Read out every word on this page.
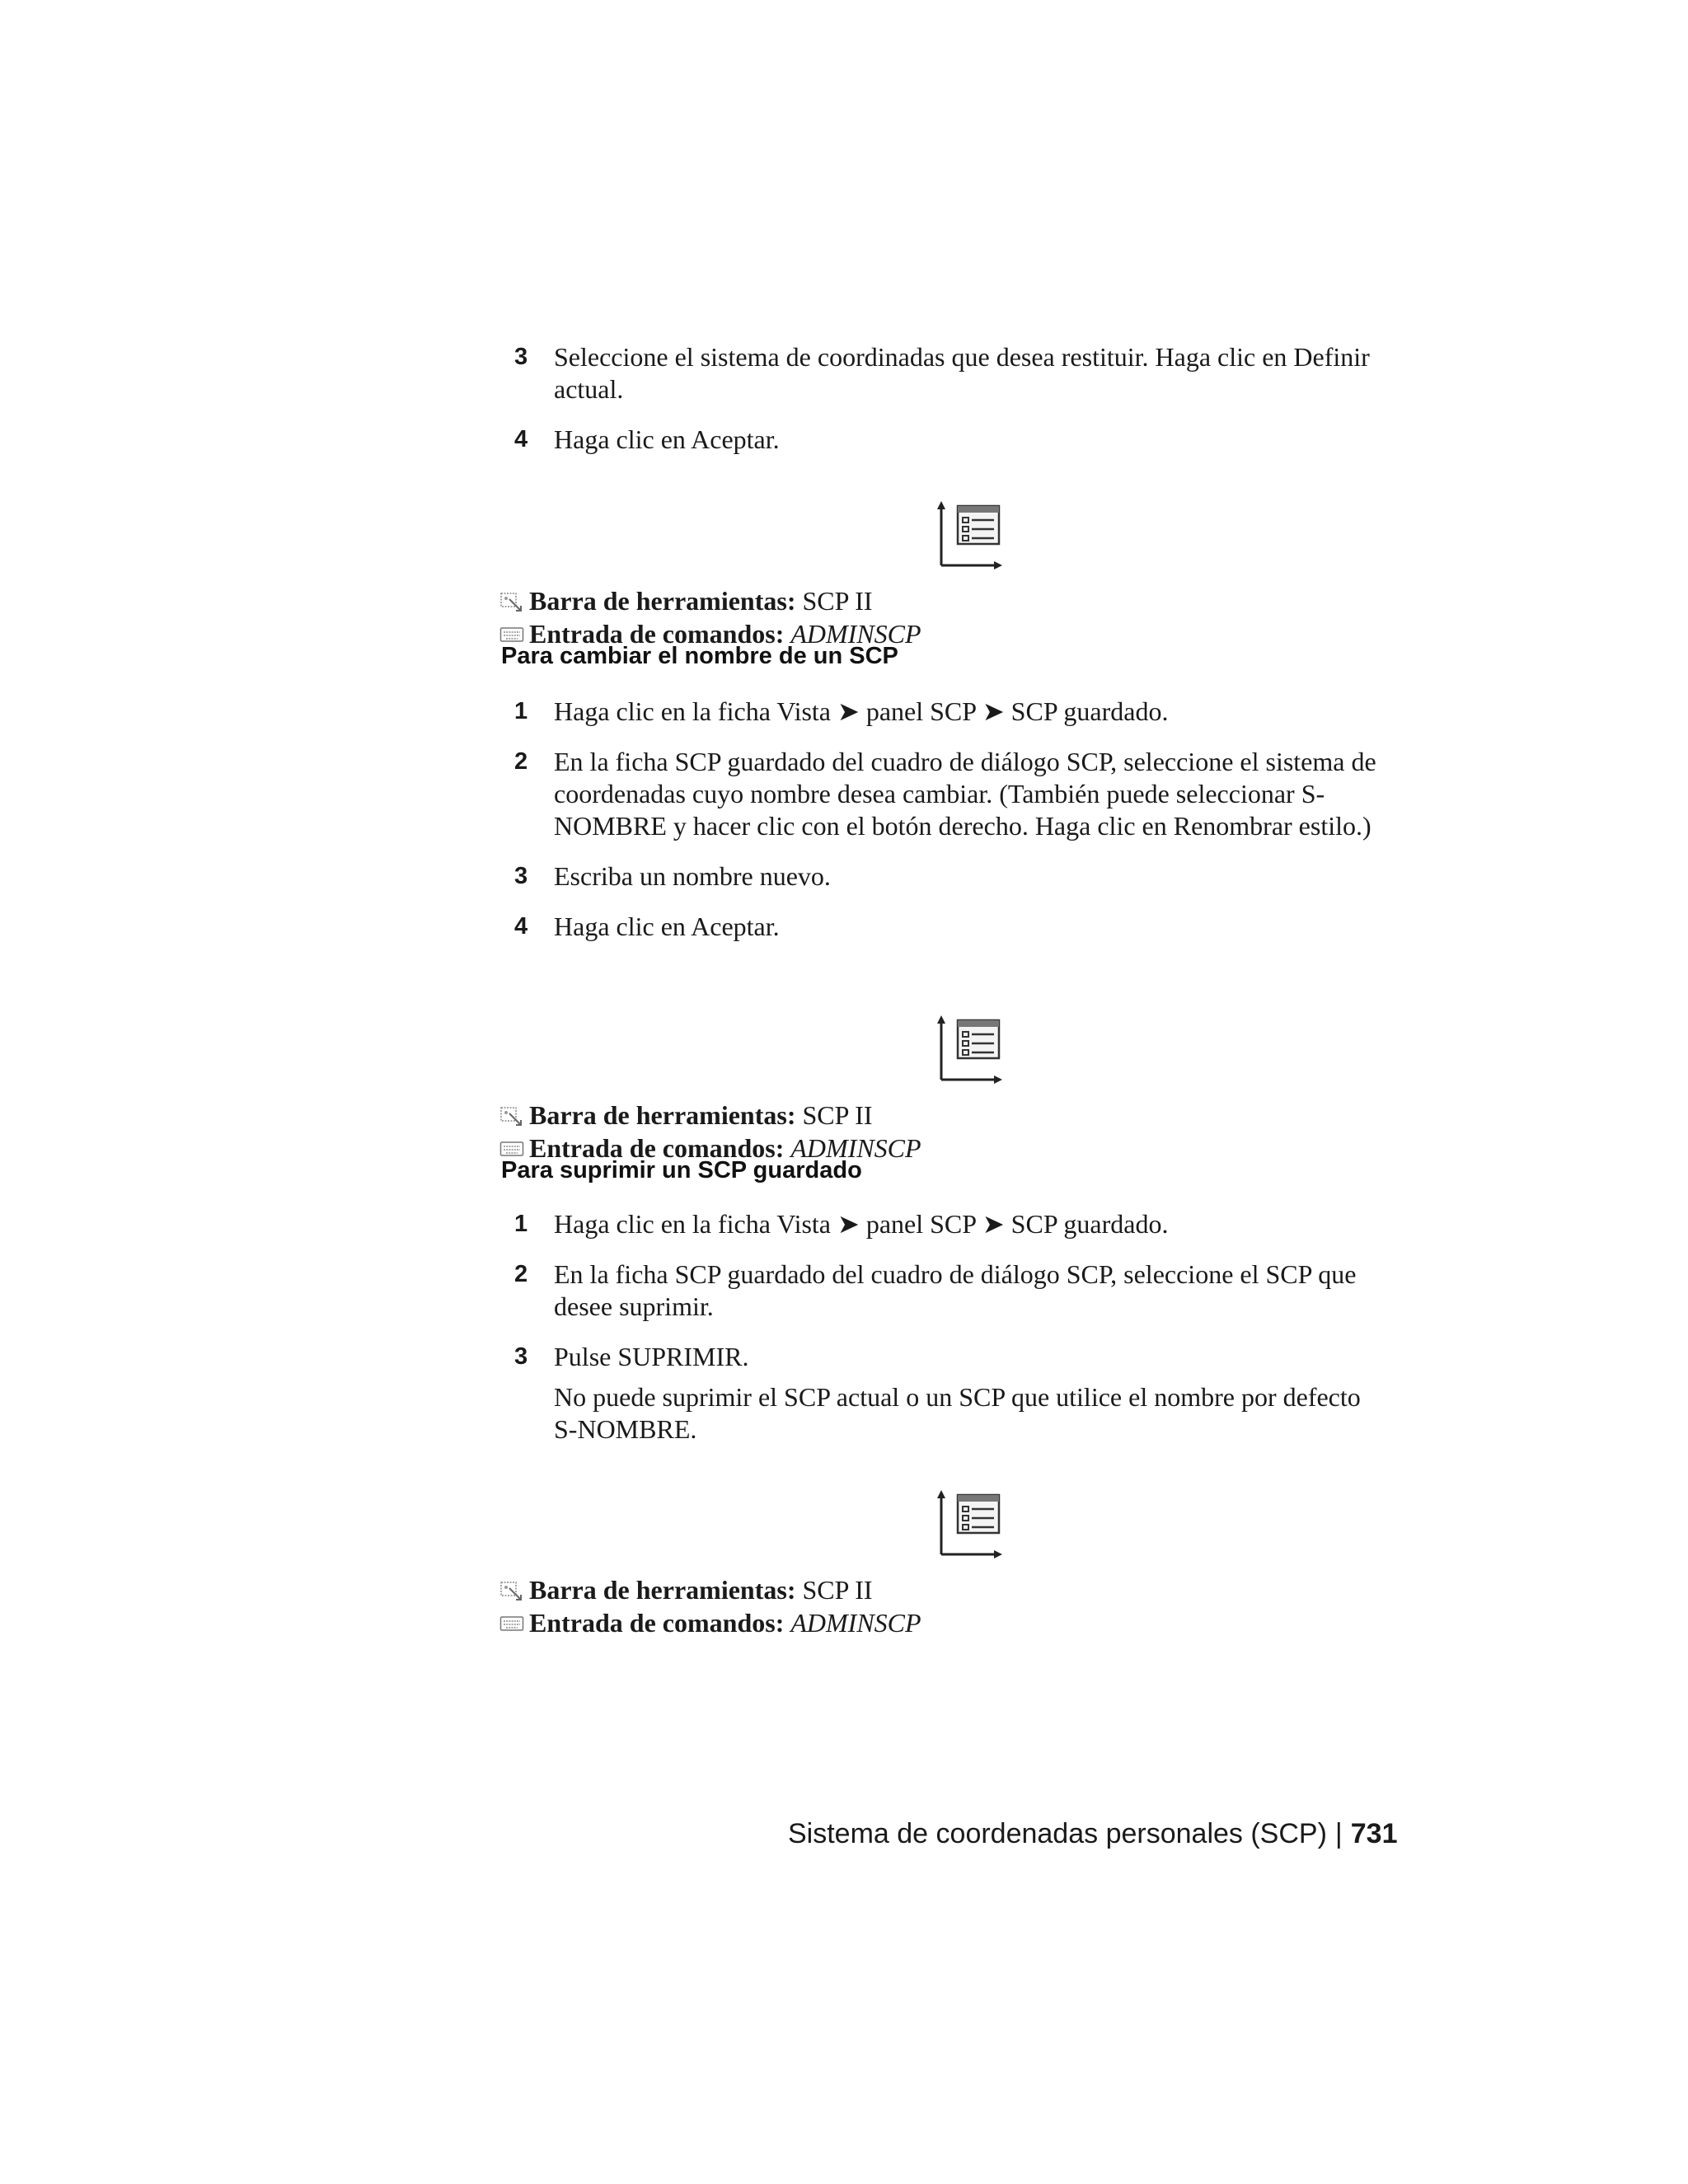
3 Seleccione el sistema de coordinadas que desea restituir. Haga clic en Definir actual.
4 Haga clic en Aceptar.
Barra de herramientas: SCP II
Entrada de comandos: ADMINSCP
Para cambiar el nombre de un SCP
1 Haga clic en la ficha Vista ➤ panel SCP ➤ SCP guardado.
2 En la ficha SCP guardado del cuadro de diálogo SCP, seleccione el sistema de coordenadas cuyo nombre desea cambiar. (También puede seleccionar S-NOMBRE y hacer clic con el botón derecho. Haga clic en Renombrar estilo.)
3 Escriba un nombre nuevo.
4 Haga clic en Aceptar.
Barra de herramientas: SCP II
Entrada de comandos: ADMINSCP
Para suprimir un SCP guardado
1 Haga clic en la ficha Vista ➤ panel SCP ➤ SCP guardado.
2 En la ficha SCP guardado del cuadro de diálogo SCP, seleccione el SCP que desee suprimir.
3 Pulse SUPRIMIR.
No puede suprimir el SCP actual o un SCP que utilice el nombre por defecto S-NOMBRE.
Barra de herramientas: SCP II
Entrada de comandos: ADMINSCP
Sistema de coordenadas personales (SCP) | 731
